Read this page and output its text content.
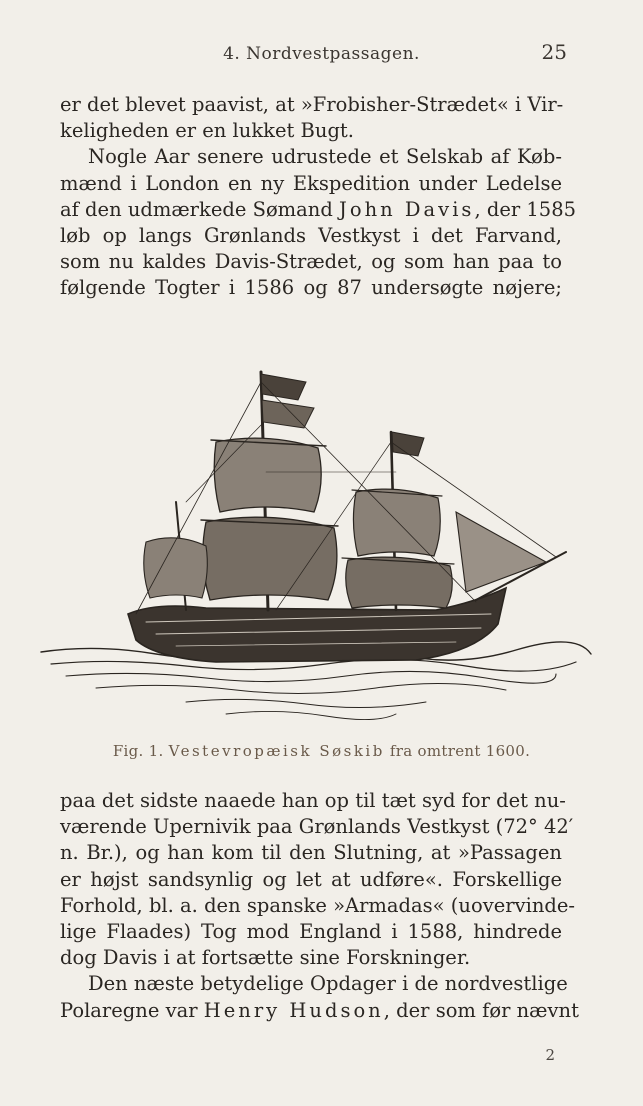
4. Nordvestpassagen.	25
er det blevet paavist, at »Frobisher-Strædet« i Vir-
keligheden er en lukket Bugt.
Nogle Aar senere udrustede et Selskab af Køb-
mænd i London en ny Ekspedition under Ledelse
af den udmærkede Sømand John Davis, der 1585
løb op langs Grønlands Vestkyst i det Farvand,
som nu kaldes Davis-Strædet, og som han paa to
følgende Togter i 1586 og 87 undersøgte nøjere;
Fig. 1. Vestevropæisk Søskib fra omtrent 1600.
paa det sidste naaede han op til tæt syd for det nu-
værende Upernivik paa Grønlands Vestkyst (72° 42′
n. Br.), og han kom til den Slutning, at »Passagen
er højst sandsynlig og let at udføre«. Forskellige
Forhold, bl. a. den spanske »Armadas« (uovervinde-
lige Flaades) Tog mod England i 1588, hindrede
dog Davis i at fortsætte sine Forskninger.
Den næste betydelige Opdager i de nordvestlige
Polaregne var Henry Hudson, der som før nævnt
2
